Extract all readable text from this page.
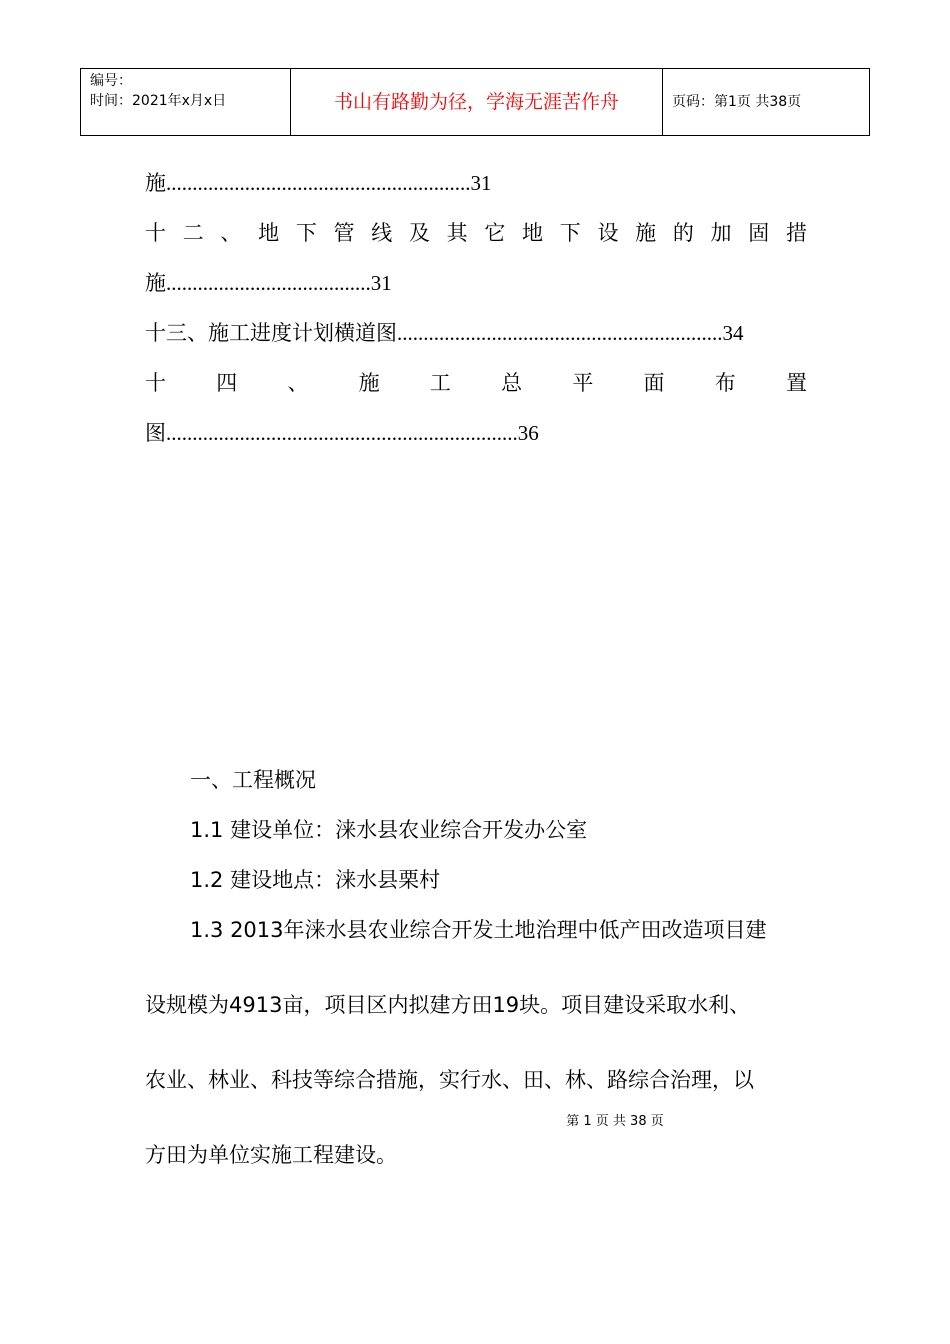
编号：
时间：2021年x月x日	书山有路勤为径，学海无涯苦作舟	页码：第1页 共38页
施..........................................................31
十 二 、 地 下 管 线 及 其 它 地 下 设 施 的 加 固 措
施.......................................31
十三、施工进度计划横道图..............................................................34
十 四 、 施 工 总 平 面 布 置
图...................................................................36
一、工程概况
1.1 建设单位：涞水县农业综合开发办公室
1.2 建设地点：涞水县栗村
1.3 2013年涞水县农业综合开发土地治理中低产田改造项目建
设规模为4913亩，项目区内拟建方田19块。项目建设采取水利、
农业、林业、科技等综合措施，实行水、田、林、路综合治理，以
第 1 页 共 38 页
方田为单位实施工程建设。
